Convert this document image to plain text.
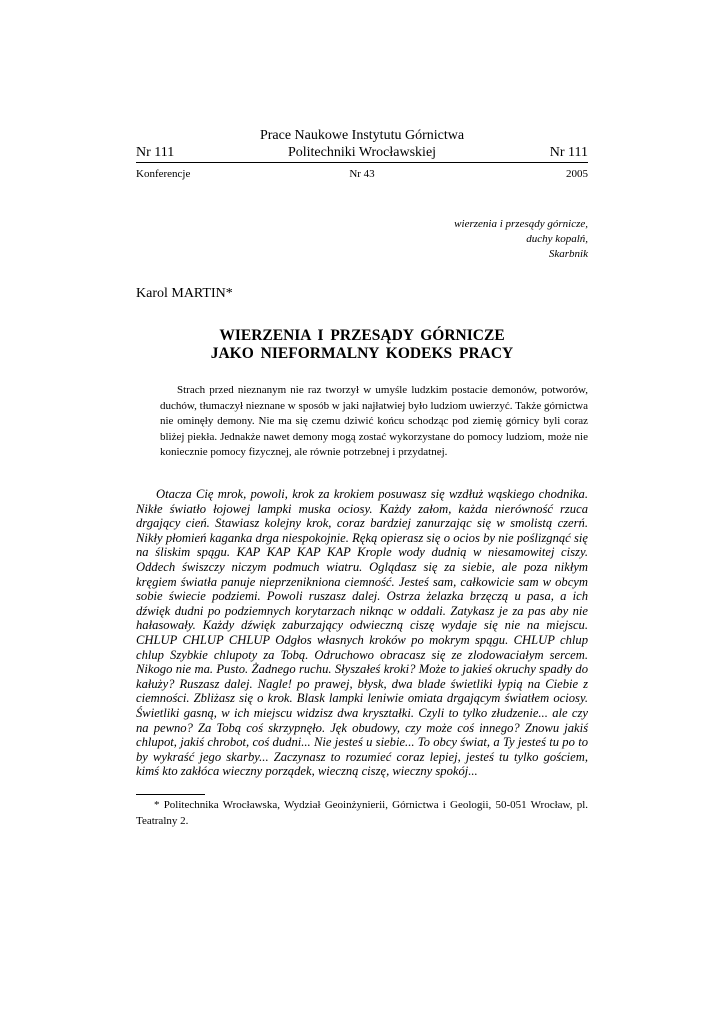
Prace Naukowe Instytutu Górnictwa
Nr 111	Politechniki Wrocławskiej	Nr 111
Konferencje	Nr 43	2005
wierzenia i przesądy górnicze,
duchy kopalń,
Skarbnik
Karol MARTIN*
WIERZENIA I PRZESĄDY GÓRNICZE
JAKO NIEFORMALNY KODEKS PRACY

Strach przed nieznanym nie raz tworzył w umyśle ludzkim postacie demonów, potworów, duchów, tłumaczył nieznane w sposób w jaki najłatwiej było ludziom uwierzyć. Także górnictwa nie ominęły demony. Nie ma się czemu dziwić końcu schodząc pod ziemię górnicy byli coraz bliżej piekła. Jednakże nawet demony mogą zostać wykorzystane do pomocy ludziom, może nie koniecznie pomocy fizycznej, ale równie potrzebnej i przydatnej.

Otacza Cię mrok, powoli, krok za krokiem posuwasz się wzdłuż wąskiego chodnika. Nikłe światło łojowej lampki muska ociosy. Każdy załom, każda nierówność rzuca drgający cień. Stawiasz kolejny krok, coraz bardziej zanurzając się w smolistą czerń. Nikły płomień kaganka drga niespokojnie. Ręką opierasz się o ocios by nie poślizgnąć się na śliskim spągu. KAP KAP KAP KAP Krople wody dudnią w niesamowitej ciszy. Oddech świszczy niczym podmuch wiatru. Oglądasz się za siebie, ale poza nikłym kręgiem światła panuje nieprzenikniona ciemność. Jesteś sam, całkowicie sam w obcym sobie świecie podziemi. Powoli ruszasz dalej. Ostrza żelazka brzęczą u pasa, a ich dźwięk dudni po podziemnych korytarzach niknąc w oddali. Zatykasz je za pas aby nie hałasowały. Każdy dźwięk zaburzający odwieczną ciszę wydaje się nie na miejscu. CHLUP CHLUP CHLUP Odgłos własnych kroków po mokrym spągu. CHLUP chlup chlup Szybkie chlupoty za Tobą. Odruchowo obracasz się ze zlodowaciałym sercem. Nikogo nie ma. Pusto. Żadnego ruchu. Słyszałeś kroki? Może to jakieś okruchy spadły do kałuży? Ruszasz dalej. Nagle! po prawej, błysk, dwa blade świetliki łypią na Ciebie z ciemności. Zbliżasz się o krok. Blask lampki leniwie omiata drgającym światłem ociosy. Świetliki gasną, w ich miejscu widzisz dwa kryształki. Czyli to tylko złudzenie... ale czy na pewno? Za Tobą coś skrzypnęło. Jęk obudowy, czy może coś innego? Znowu jakiś chlupot, jakiś chrobot, coś dudni... Nie jesteś u siebie... To obcy świat, a Ty jesteś tu po to by wykraść jego skarby... Zaczynasz to rozumieć coraz lepiej, jesteś tu tylko gościem, kimś kto zakłóca wieczny porządek, wieczną ciszę, wieczny spokój...

* Politechnika Wrocławska, Wydział Geoinżynierii, Górnictwa i Geologii, 50-051 Wrocław, pl. Teatralny 2.
